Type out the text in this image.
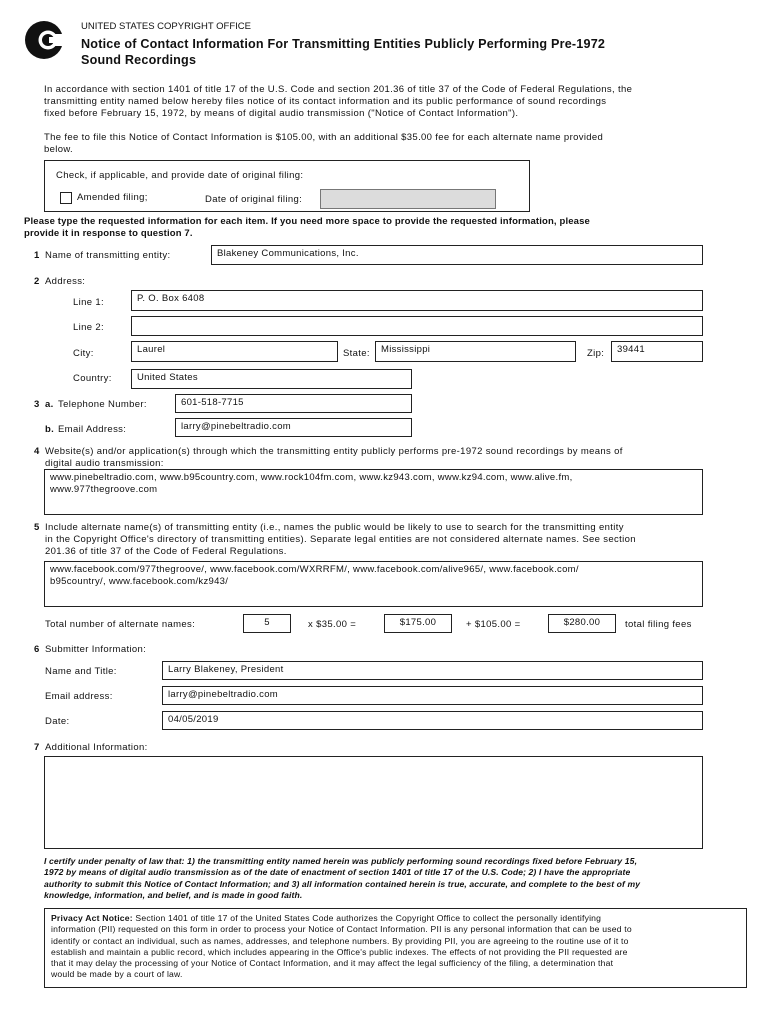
UNITED STATES COPYRIGHT OFFICE
Notice of Contact Information For Transmitting Entities Publicly Performing Pre-1972
Sound Recordings
In accordance with section 1401 of title 17 of the U.S. Code and section 201.36 of title 37 of the Code of Federal Regulations, the
transmitting entity named below hereby files notice of its contact information and its public performance of sound recordings
fixed before February 15, 1972, by means of digital audio transmission ("Notice of Contact Information").
The fee to file this Notice of Contact Information is $105.00, with an additional $35.00 fee for each alternate name provided
below.
Check, if applicable, and provide date of original filing:
Amended filing;	Date of original filing:
Please type the requested information for each item. If you need more space to provide the requested information, please
provide it in response to question 7.
1 Name of transmitting entity:	Blakeney Communications, Inc.
2 Address:
Line 1:	P. O. Box 6408
Line 2:
City:	Laurel	State:	Mississippi	Zip:	39441
Country:	United States
3 a. Telephone Number:	601-518-7715
b. Email Address:	larry@pinebeltradio.com
4 Website(s) and/or application(s) through which the transmitting entity publicly performs pre-1972 sound recordings by means of
digital audio transmission:
www.pinebeltradio.com, www.b95country.com, www.rock104fm.com, www.kz943.com, www.kz94.com, www.alive.fm,
www.977thegroove.com
5 Include alternate name(s) of transmitting entity (i.e., names the public would be likely to use to search for the transmitting entity
in the Copyright Office's directory of transmitting entities). Separate legal entities are not considered alternate names. See section
201.36 of title 37 of the Code of Federal Regulations.
www.facebook.com/977thegroove/, www.facebook.com/WXRRFM/, www.facebook.com/alive965/, www.facebook.com/
b95country/, www.facebook.com/kz943/
Total number of alternate names:	5	x $35.00 =	$175.00	+ $105.00 =	$280.00	total filing fees
6 Submitter Information:
Name and Title:	Larry Blakeney, President
Email address:	larry@pinebeltradio.com
Date:	04/05/2019
7 Additional Information:
I certify under penalty of law that: 1) the transmitting entity named herein was publicly performing sound recordings fixed before February 15,
1972 by means of digital audio transmission as of the date of enactment of section 1401 of title 17 of the U.S. Code; 2) I have the appropriate
authority to submit this Notice of Contact Information; and 3) all information contained herein is true, accurate, and complete to the best of my
knowledge, information, and belief, and is made in good faith.
Privacy Act Notice: Section 1401 of title 17 of the United States Code authorizes the Copyright Office to collect the personally identifying
information (PII) requested on this form in order to process your Notice of Contact Information. PII is any personal information that can be used to
identify or contact an individual, such as names, addresses, and telephone numbers. By providing PII, you are agreeing to the routine use of it to
establish and maintain a public record, which includes appearing in the Office's public indexes. The effects of not providing the PII requested are
that it may delay the processing of your Notice of Contact Information, and it may affect the legal sufficiency of the filing, a determination that
would be made by a court of law.
